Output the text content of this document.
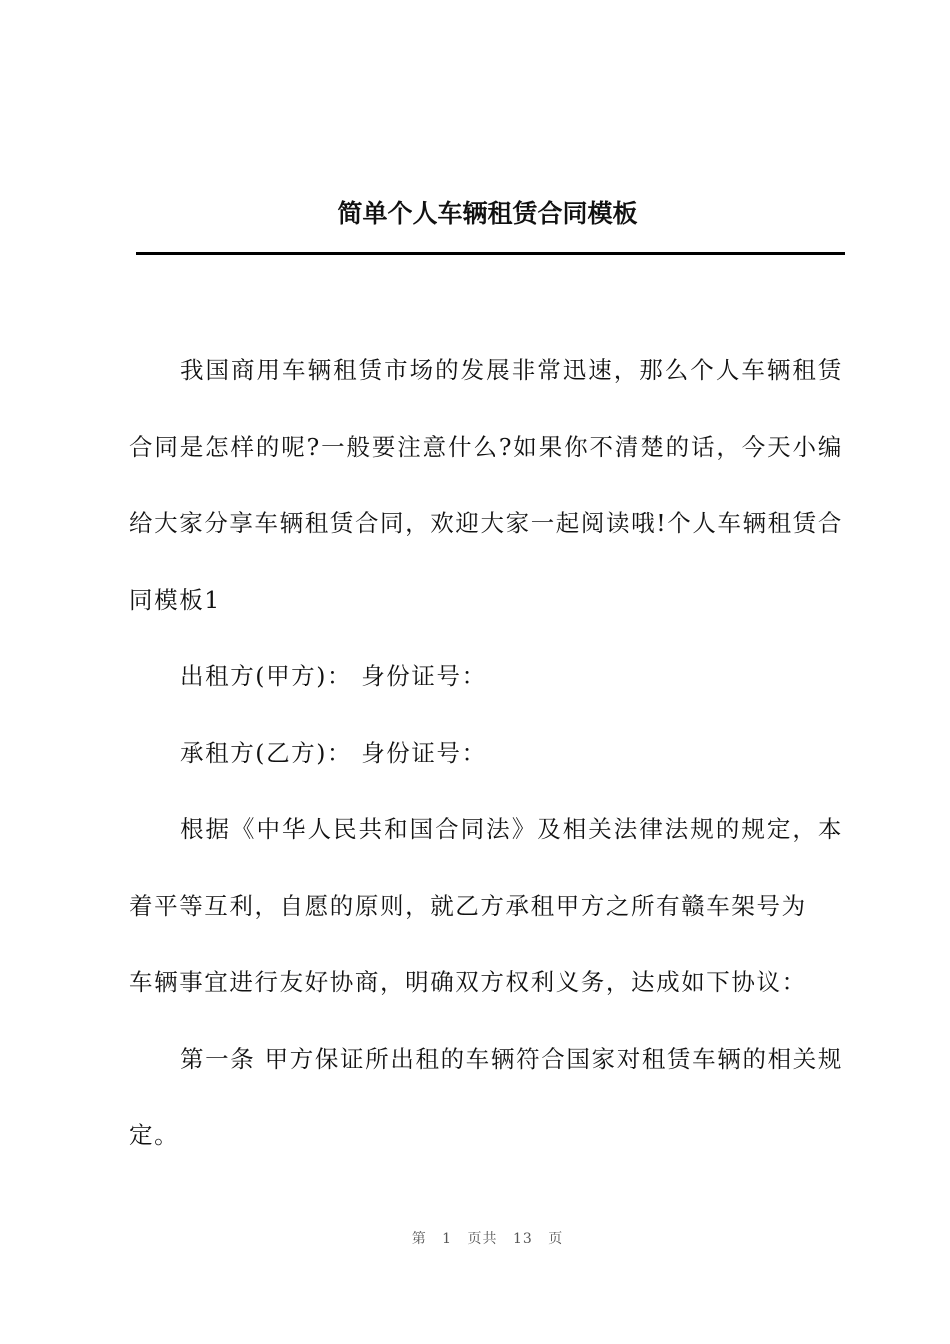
简单个人车辆租赁合同模板

我国商用车辆租赁市场的发展非常迅速，那么个人车辆租赁合同是怎样的呢?一般要注意什么?如果你不清楚的话，今天小编给大家分享车辆租赁合同，欢迎大家一起阅读哦!个人车辆租赁合同模板1

出租方(甲方)： 身份证号：

承租方(乙方)： 身份证号：

根据《中华人民共和国合同法》及相关法律法规的规定，本着平等互利，自愿的原则，就乙方承租甲方之所有赣车架号为

车辆事宜进行友好协商，明确双方权利义务，达成如下协议：

第一条 甲方保证所出租的车辆符合国家对租赁车辆的相关规定。

第 1 页共 13 页
